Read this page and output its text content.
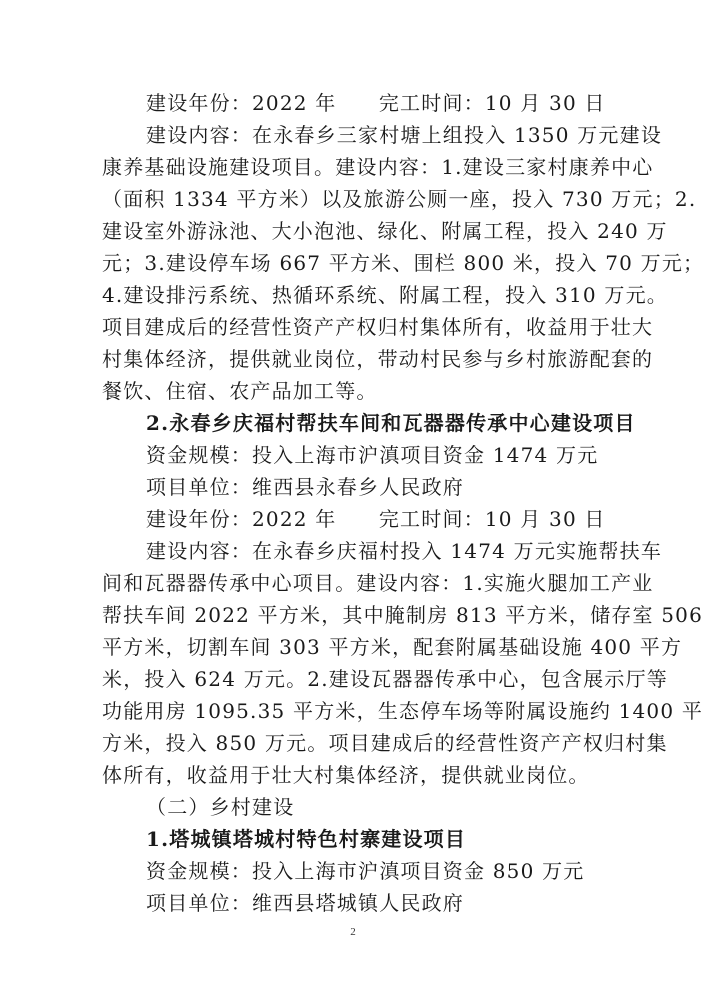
建设年份：2022 年　　完工时间：10 月 30 日
建设内容：在永春乡三家村塘上组投入 1350 万元建设
康养基础设施建设项目。建设内容：1.建设三家村康养中心
（面积 1334 平方米）以及旅游公厕一座，投入 730 万元；2.
建设室外游泳池、大小泡池、绿化、附属工程，投入 240 万
元；3.建设停车场 667 平方米、围栏 800 米，投入 70 万元；
4.建设排污系统、热循环系统、附属工程，投入 310 万元。
项目建成后的经营性资产产权归村集体所有，收益用于壮大
村集体经济，提供就业岗位，带动村民参与乡村旅游配套的
餐饮、住宿、农产品加工等。
2.永春乡庆福村帮扶车间和瓦器器传承中心建设项目
资金规模：投入上海市沪滇项目资金 1474 万元
项目单位：维西县永春乡人民政府
建设年份：2022 年　　完工时间：10 月 30 日
建设内容：在永春乡庆福村投入 1474 万元实施帮扶车
间和瓦器器传承中心项目。建设内容：1.实施火腿加工产业
帮扶车间 2022 平方米，其中腌制房 813 平方米，储存室 506
平方米，切割车间 303 平方米，配套附属基础设施 400 平方
米，投入 624 万元。2.建设瓦器器传承中心，包含展示厅等
功能用房 1095.35 平方米，生态停车场等附属设施约 1400 平
方米，投入 850 万元。项目建成后的经营性资产产权归村集
体所有，收益用于壮大村集体经济，提供就业岗位。
（二）乡村建设
1.塔城镇塔城村特色村寨建设项目
资金规模：投入上海市沪滇项目资金 850 万元
项目单位：维西县塔城镇人民政府
2
